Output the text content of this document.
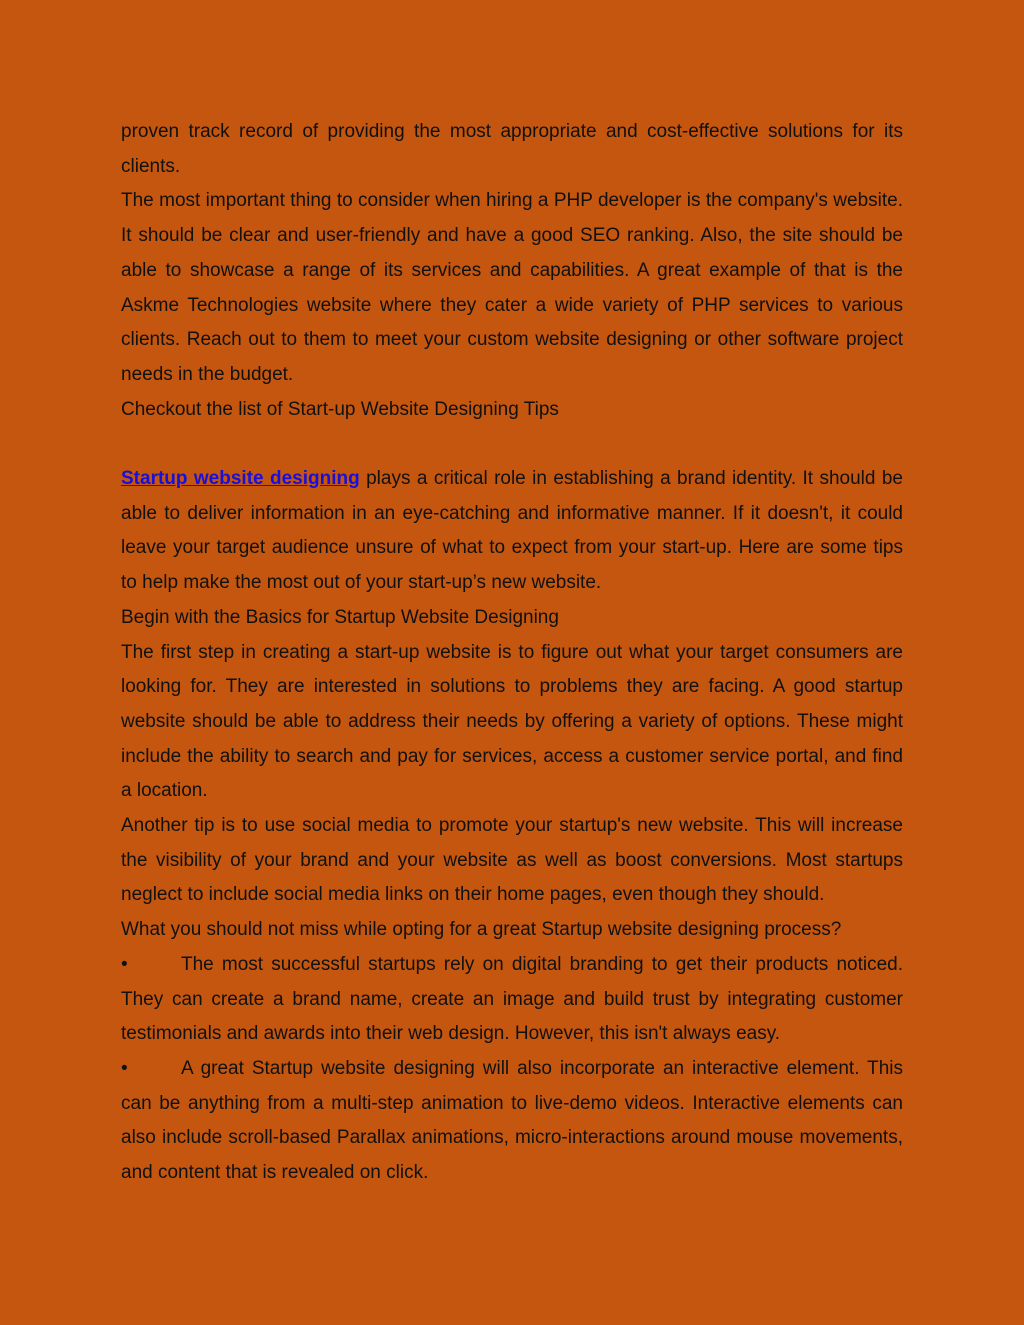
proven track record of providing the most appropriate and cost-effective solutions for its clients.

The most important thing to consider when hiring a PHP developer is the company's website. It should be clear and user-friendly and have a good SEO ranking. Also, the site should be able to showcase a range of its services and capabilities. A great example of that is the Askme Technologies website where they cater a wide variety of PHP services to various clients. Reach out to them to meet your custom website designing or other software project needs in the budget.

Checkout the list of Start-up Website Designing Tips

Startup website designing plays a critical role in establishing a brand identity. It should be able to deliver information in an eye-catching and informative manner. If it doesn't, it could leave your target audience unsure of what to expect from your start-up. Here are some tips to help make the most out of your start-up’s new website.

Begin with the Basics for Startup Website Designing

The first step in creating a start-up website is to figure out what your target consumers are looking for. They are interested in solutions to problems they are facing. A good startup website should be able to address their needs by offering a variety of options. These might include the ability to search and pay for services, access a customer service portal, and find a location.

Another tip is to use social media to promote your startup's new website. This will increase the visibility of your brand and your website as well as boost conversions. Most startups neglect to include social media links on their home pages, even though they should.

What you should not miss while opting for a great Startup website designing process?

•	The most successful startups rely on digital branding to get their products noticed. They can create a brand name, create an image and build trust by integrating customer testimonials and awards into their web design. However, this isn't always easy.

•	A great Startup website designing will also incorporate an interactive element. This can be anything from a multi-step animation to live-demo videos. Interactive elements can also include scroll-based Parallax animations, micro-interactions around mouse movements, and content that is revealed on click.
